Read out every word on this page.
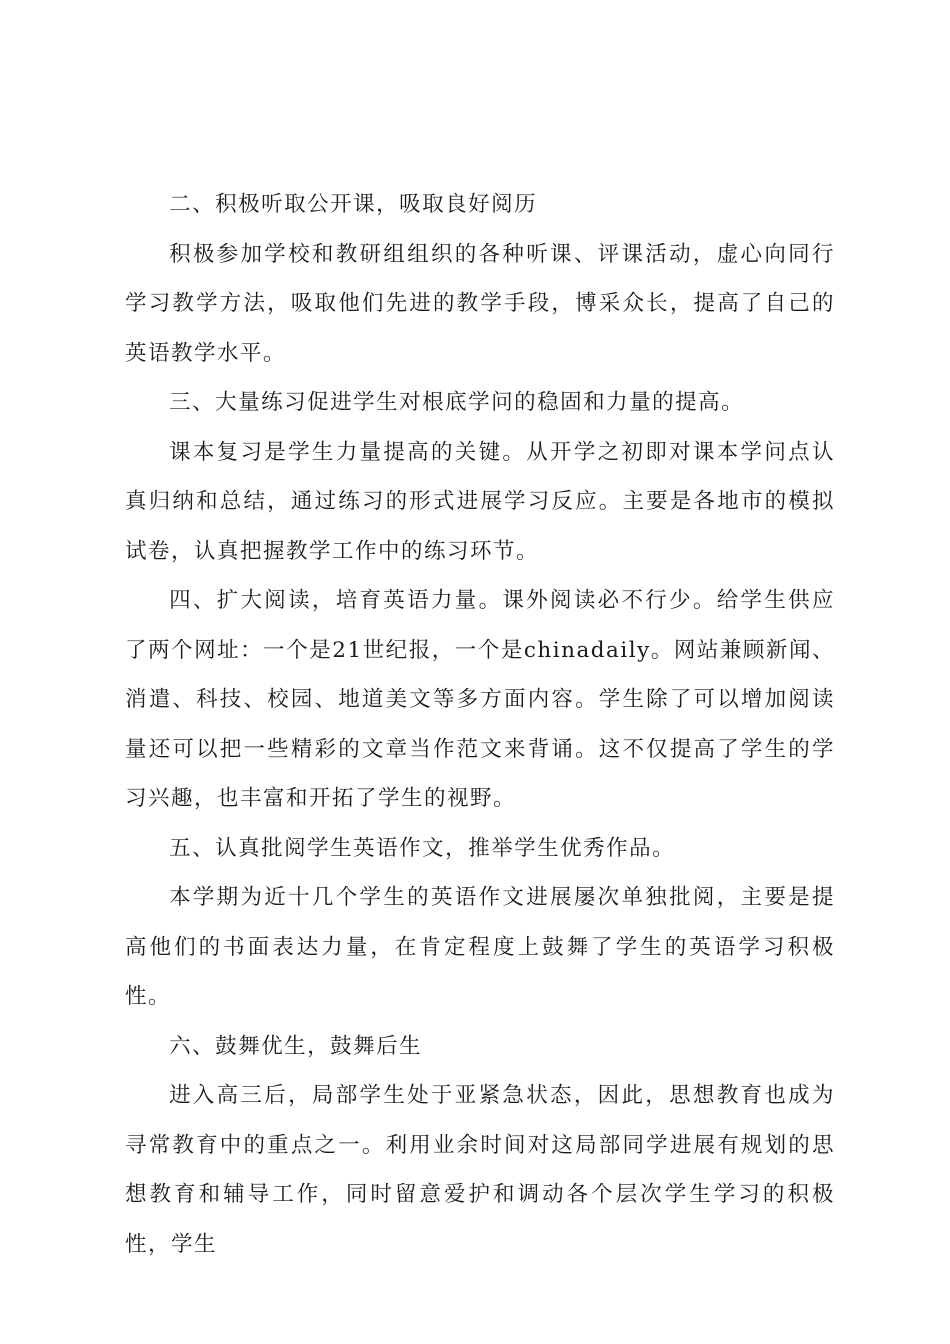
二、积极听取公开课，吸取良好阅历

积极参加学校和教研组组织的各种听课、评课活动，虚心向同行学习教学方法，吸取他们先进的教学手段，博采众长，提高了自己的英语教学水平。

三、大量练习促进学生对根底学问的稳固和力量的提高。

课本复习是学生力量提高的关键。从开学之初即对课本学问点认真归纳和总结，通过练习的形式进展学习反应。主要是各地市的模拟试卷，认真把握教学工作中的练习环节。

四、扩大阅读，培育英语力量。课外阅读必不行少。给学生供应了两个网址：一个是21世纪报，一个是chinadaily。网站兼顾新闻、消遣、科技、校园、地道美文等多方面内容。学生除了可以增加阅读量还可以把一些精彩的文章当作范文来背诵。这不仅提高了学生的学习兴趣，也丰富和开拓了学生的视野。

五、认真批阅学生英语作文，推举学生优秀作品。

本学期为近十几个学生的英语作文进展屡次单独批阅，主要是提高他们的书面表达力量，在肯定程度上鼓舞了学生的英语学习积极性。

六、鼓舞优生，鼓舞后生

进入高三后，局部学生处于亚紧急状态，因此，思想教育也成为寻常教育中的重点之一。利用业余时间对这局部同学进展有规划的思想教育和辅导工作，同时留意爱护和调动各个层次学生学习的积极性，学生
